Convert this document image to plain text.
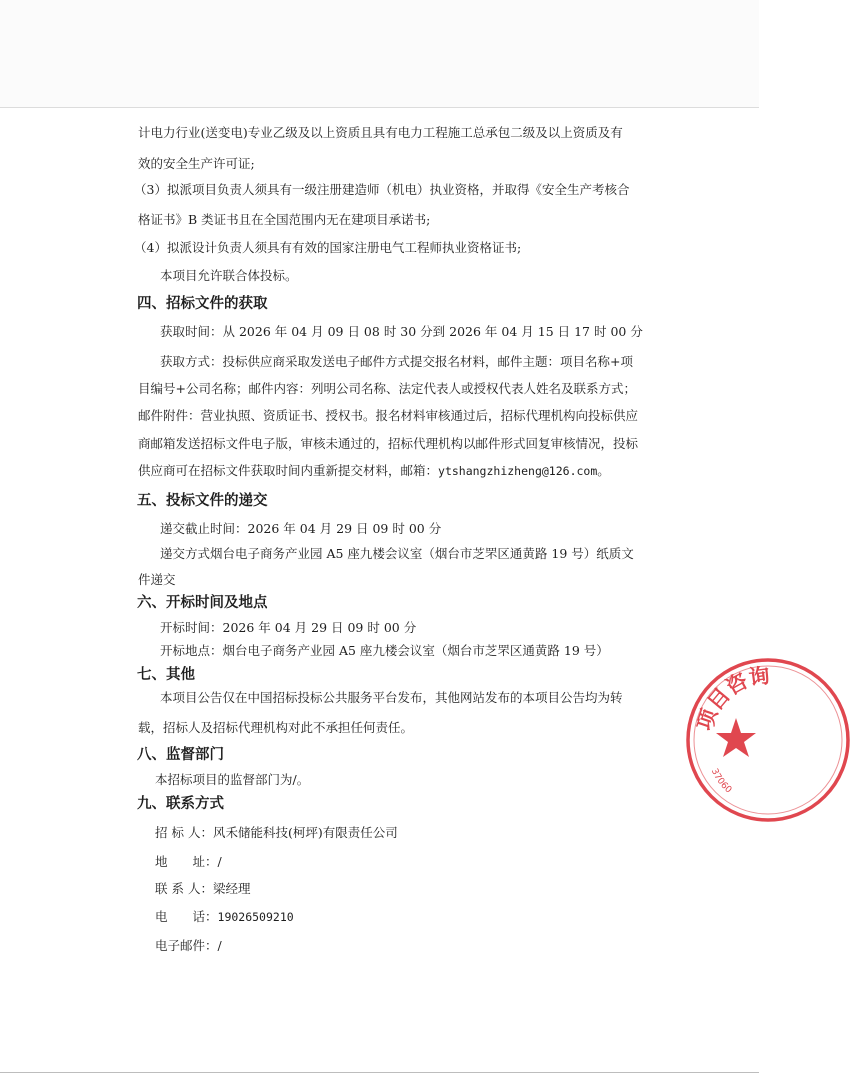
计电力行业(送变电)专业乙级及以上资质且具有电力工程施工总承包二级及以上资质及有
效的安全生产许可证;
（3）拟派项目负责人须具有一级注册建造师（机电）执业资格，并取得《安全生产考核合
格证书》B 类证书且在全国范围内无在建项目承诺书;
（4）拟派设计负责人须具有有效的国家注册电气工程师执业资格证书;
本项目允许联合体投标。
四、招标文件的获取
获取时间：从 2026 年 04 月 09 日 08 时 30 分到 2026 年 04 月 15 日 17 时 00 分
获取方式：投标供应商采取发送电子邮件方式提交报名材料，邮件主题：项目名称+项
目编号+公司名称；邮件内容：列明公司名称、法定代表人或授权代表人姓名及联系方式；
邮件附件：营业执照、资质证书、授权书。报名材料审核通过后，招标代理机构向投标供应
商邮箱发送招标文件电子版，审核未通过的，招标代理机构以邮件形式回复审核情况，投标
供应商可在招标文件获取时间内重新提交材料，邮箱：ytshangzhizheng@126.com。
五、投标文件的递交
递交截止时间：2026 年 04 月 29 日 09 时 00 分
递交方式烟台电子商务产业园 A5 座九楼会议室（烟台市芝罘区通黄路 19 号）纸质文
件递交
六、开标时间及地点
开标时间：2026 年 04 月 29 日 09 时 00 分
开标地点：烟台电子商务产业园 A5 座九楼会议室（烟台市芝罘区通黄路 19 号）
七、其他
本项目公告仅在中国招标投标公共服务平台发布，其他网站发布的本项目公告均为转
载，招标人及招标代理机构对此不承担任何责任。
八、监督部门
本招标项目的监督部门为/。
九、联系方式
招 标 人：风禾储能科技(柯坪)有限责任公司
地　　址：/
联 系 人：梁经理
电　　话：19026509210
电子邮件：/
项目咨询
37060
